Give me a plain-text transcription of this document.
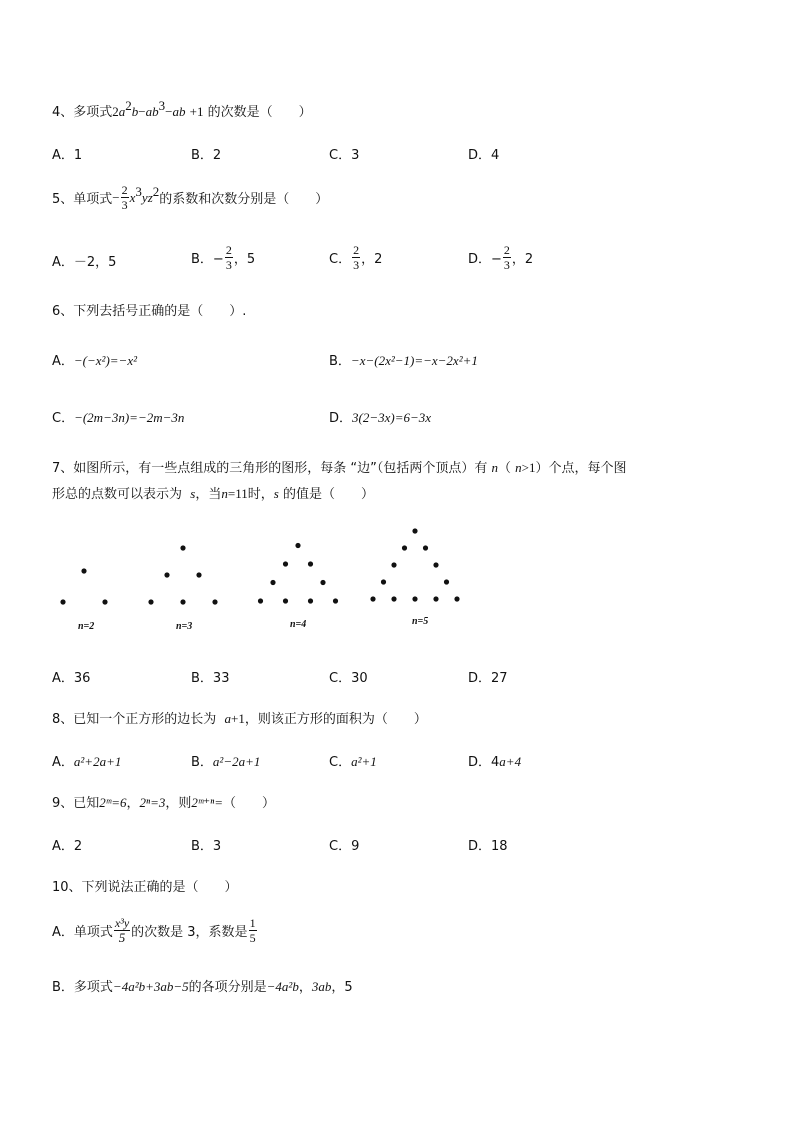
4、多项式$2a^2b-ab^3-ab +1$ 的次数是（　　）
A．1	B．2	C．3	D．4
5、单项式 − $\frac{2}{3} x^3yz^2$
的系数和次数分别是（　　）
A．－2，5	B．− $\frac{2}{3}$ ，5	C． $\frac{2}{3}$ ，2	D．− $\frac{2}{3}$ ，2
6、下列去括号正确的是（　　）.
A．−(−x²)=−x²	B．−x−(2x²−1)=−x−2x²+1
C．−(2m−3n)=−2m−3n	D．3(2−3x)=6−3x
7、如图所示，有一些点组成的三角形的图形，每条 “边”（包括两个顶点）有 n（ n>1）个点，每个图
形总的点数可以表示为 s，当n=11时，s 的值是（　　）
n=2	n=3	n=4	n=5
A．36	B．33	C．30	D．27
8、已知一个正方形的边长为 a+1，则该正方形的面积为（　　）
A．a²+2a+1	B．a²−2a+1	C．a²+1	D．4a+4
9、已知2ᵐ=6，2ⁿ=3，则2ᵐ⁺ⁿ=（　　）
A．2	B．3	C．9	D．18
10、下列说法正确的是（　　）
A．单项式 $\frac{\text{x³y}}{5}$ 的次数是 3，系数是 $\frac{1}{5}$
B．多项式−4a²b+3ab−5的各项分别是−4a²b，3ab，5
